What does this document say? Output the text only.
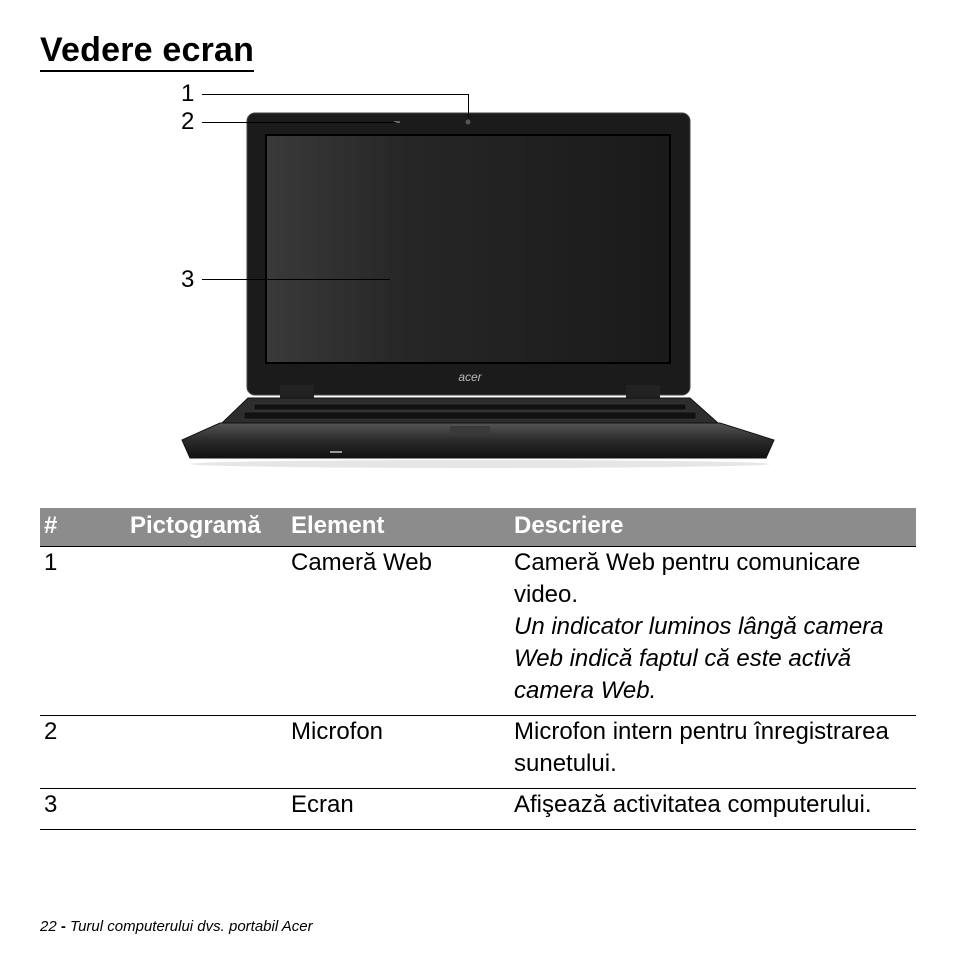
Vedere ecran
acer
1
2
3
#	Pictogramă	Element	Descriere
1		Cameră Web	Cameră Web pentru comunicare video.
Un indicator luminos lângă camera Web indică faptul că este activă camera Web.

2		Microfon	Microfon intern pentru înregistrarea sunetului.
3		Ecran	Afişează activitatea computerului.
22 - Turul computerului dvs. portabil Acer
